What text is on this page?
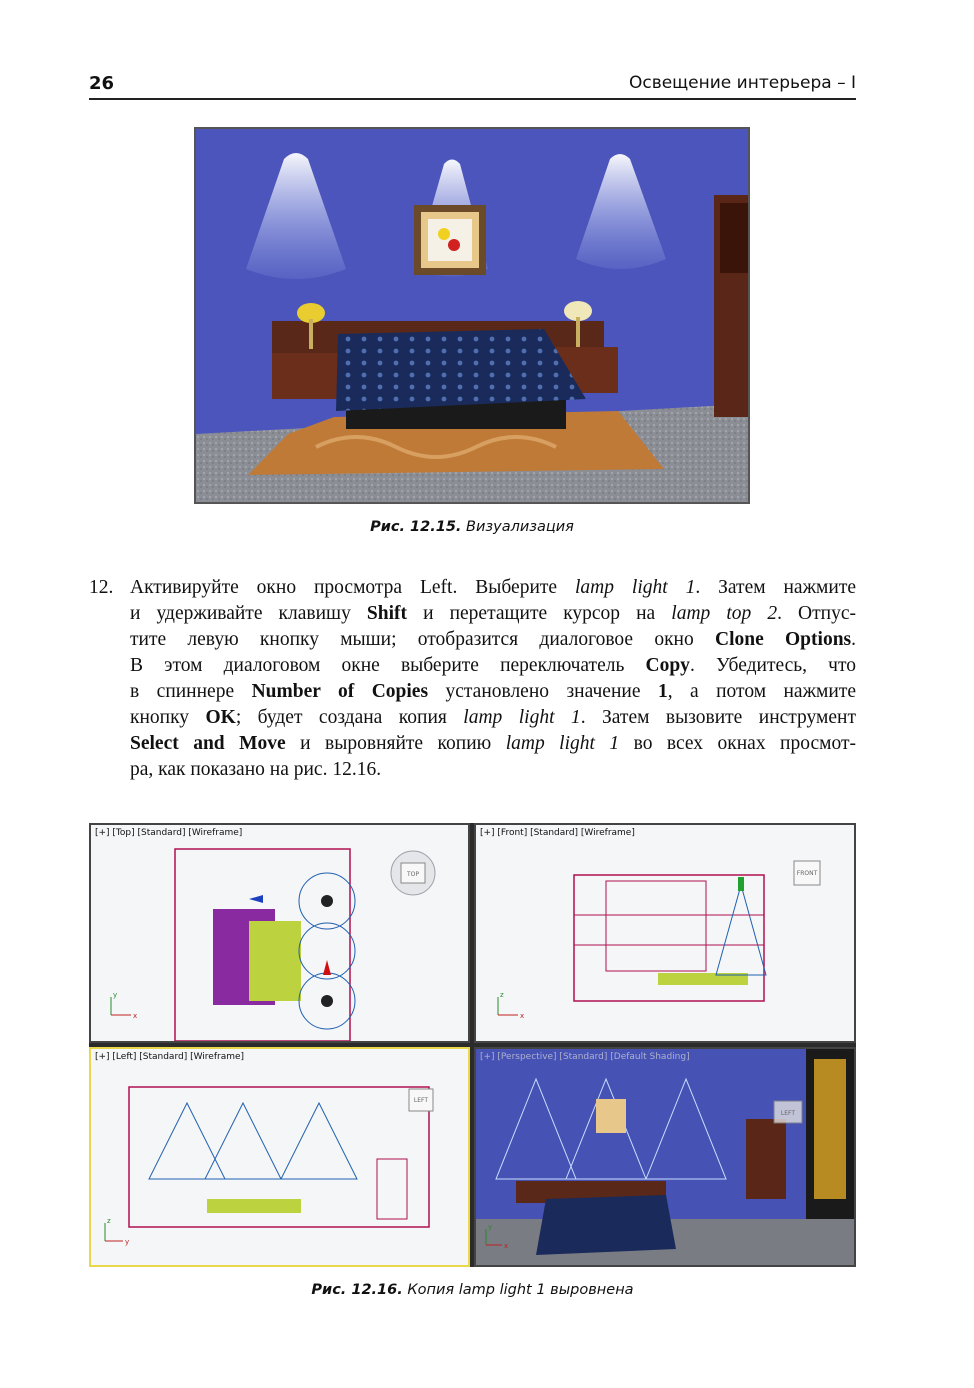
26	Освещение интерьера – I
Рис. 12.15. Визуализация
12. Активируйте окно просмотра Left. Выберите lamp light 1. Затем нажмите
и удерживайте клавишу Shift и перетащите курсор на lamp top 2. Отпус-
тите левую кнопку мыши; отобразится диалоговое окно Clone Options.
В этом диалоговом окне выберите переключатель Copy. Убедитесь, что
в спиннере Number of Copies установлено значение 1, а потом нажмите
кнопку OK; будет создана копия lamp light 1. Затем вызовите инструмент
Select and Move и выровняйте копию lamp light 1 во всех окнах просмот-
ра, как показано на рис. 12.16.
[+] [Top] [Standard] [Wireframe]
TOP
y
x
[+] [Front] [Standard] [Wireframe]
FRONT
z
x
[+] [Left] [Standard] [Wireframe]
LEFT
z
y
[+] [Perspective] [Standard] [Default Shading]
LEFT
y
x
Рис. 12.16. Копия lamp light 1 выровнена
